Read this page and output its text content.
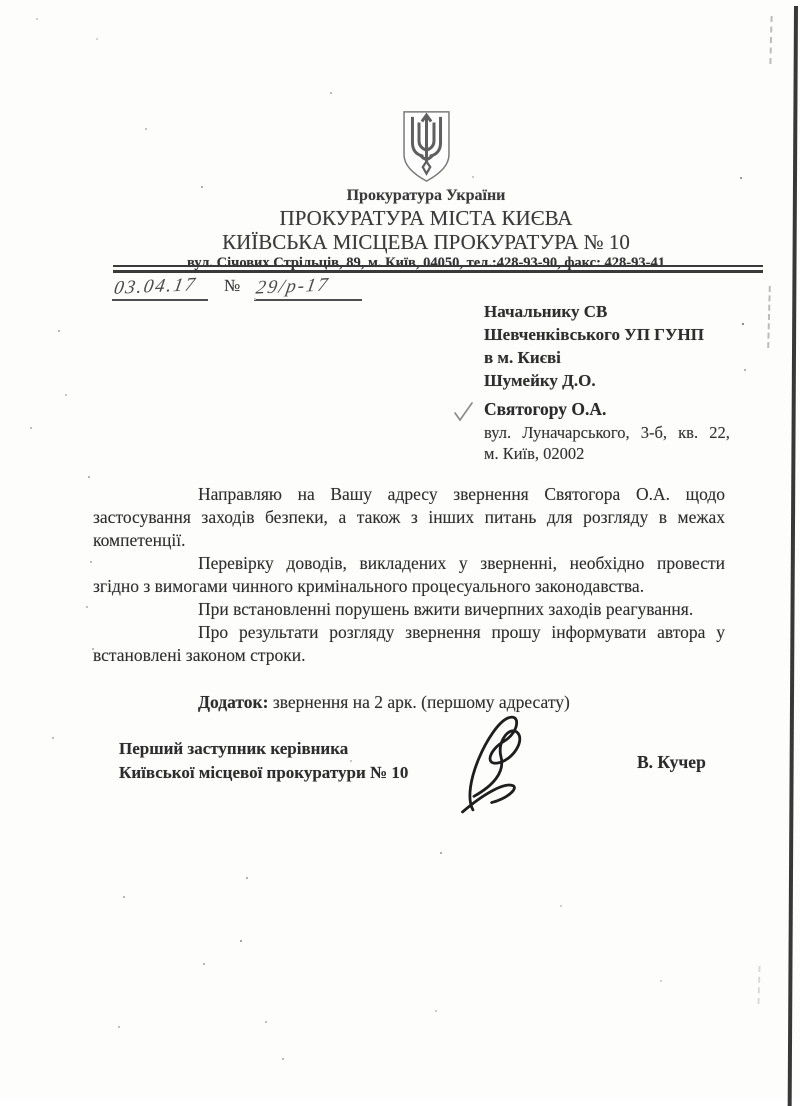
Прокуратура України
ПРОКУРАТУРА МІСТА КИЄВА
КИЇВСЬКА МІСЦЕВА ПРОКУРАТУРА № 10
вул. Січових Стрільців, 89, м. Київ, 04050, тел.:428-93-90, факс: 428-93-41
03.04.17 № 29/р-17
Начальнику СВ
Шевченківського УП ГУНП
в м. Києві
Шумейку Д.О.
Святогору О.А.
вул. Луначарського, 3-б, кв. 22,
м. Київ, 02002

Направляю на Вашу адресу звернення Святогора О.А. щодо застосування заходів безпеки, а також з інших питань для розгляду в межах компетенції.

Перевірку доводів, викладених у зверненні, необхідно провести згідно з вимогами чинного кримінального процесуального законодавства.

При встановленні порушень вжити вичерпних заходів реагування.

Про результати розгляду звернення прошу інформувати автора у встановлені законом строки.

Додаток: звернення на 2 арк. (першому адресату)
Перший заступник керівника
Київської місцевої прокуратури № 10
В. Кучер
